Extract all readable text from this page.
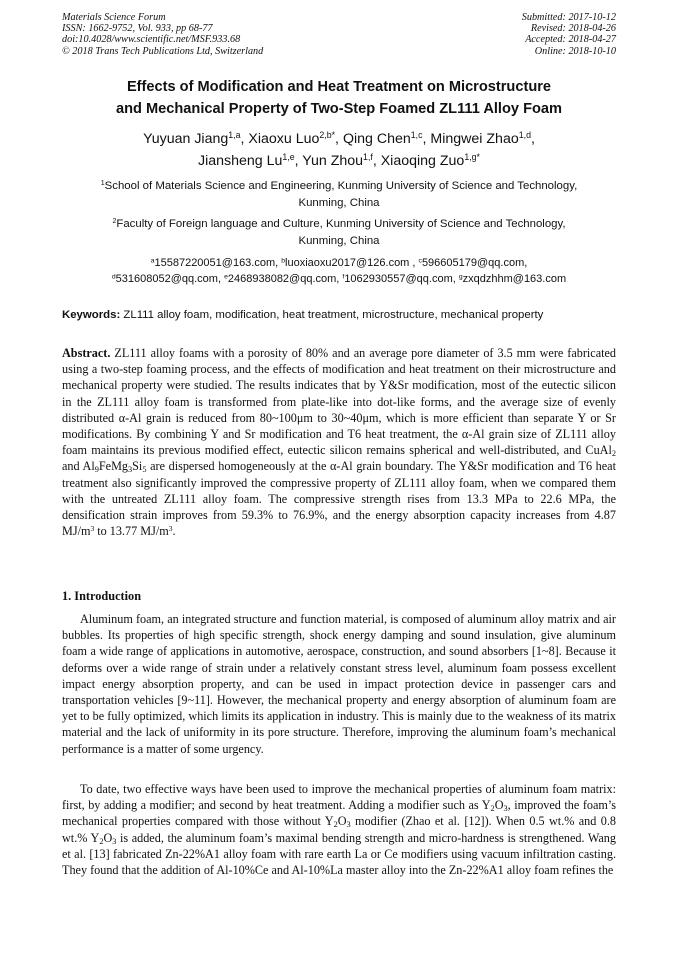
Materials Science Forum
ISSN: 1662-9752, Vol. 933, pp 68-77
doi:10.4028/www.scientific.net/MSF.933.68
© 2018 Trans Tech Publications Ltd, Switzerland
Submitted: 2017-10-12
Revised: 2018-04-26
Accepted: 2018-04-27
Online: 2018-10-10
Effects of Modification and Heat Treatment on Microstructure
and Mechanical Property of Two-Step Foamed ZL111 Alloy Foam
Yuyuan Jiang$^{1,a}$, Xiaoxu Luo$^{2,b*}$, Qing Chen$^{1,c}$, Mingwei Zhao$^{1,d}$,
Jiansheng Lu$^{1,e}$, Yun Zhou$^{1,f}$, Xiaoqing Zuo$^{1,g*}$
$^1$School of Materials Science and Engineering, Kunming University of Science and Technology,
Kunming, China
$^2$Faculty of Foreign language and Culture, Kunming University of Science and Technology,
Kunming, China
$^a$15587220051@163.com, $^b$luoxiaoxu2017@126.com , $^c$596605179@qq.com,
$^d$531608052@qq.com, $^e$2468938082@qq.com, $^f$1062930557@qq.com, $^g$zxqdzhhm@163.com
Keywords: ZL111 alloy foam, modification, heat treatment, microstructure, mechanical property
Abstract. ZL111 alloy foams with a porosity of 80% and an average pore diameter of 3.5 mm were fabricated using a two-step foaming process, and the effects of modification and heat treatment on their microstructure and mechanical property were studied. The results indicates that by Y&Sr modification, most of the eutectic silicon in the ZL111 alloy foam is transformed from plate-like into dot-like forms, and the average size of evenly distributed α-Al grain is reduced from 80~100μm to 30~40μm, which is more efficient than separate Y or Sr modifications. By combining Y and Sr modification and T6 heat treatment, the α-Al grain size of ZL111 alloy foam maintains its previous modified effect, eutectic silicon remains spherical and well-distributed, and CuAl$_2$ and $Al_9FeMg_3Si_5$ are dispersed homogeneously at the α-Al grain boundary. The Y&Sr modification and T6 heat treatment also significantly improved the compressive property of ZL111 alloy foam, when we compared them with the untreated ZL111 alloy foam. The compressive strength rises from 13.3 MPa to 22.6 MPa, the densification strain improves from 59.3% to 76.9%, and the energy absorption capacity increases from 4.87 $MJ/m^3$ to 13.77 $MJ/m^3$.
1. Introduction
Aluminum foam, an integrated structure and function material, is composed of aluminum alloy matrix and air bubbles. Its properties of high specific strength, shock energy damping and sound insulation, give aluminum foam a wide range of applications in automotive, aerospace, construction, and sound absorbers [1~8]. Because it deforms over a wide range of strain under a relatively constant stress level, aluminum foam possess excellent impact energy absorption property, and can be used in impact protection device in passenger cars and transportation vehicles [9~11]. However, the mechanical property and energy absorption of aluminum foam are yet to be fully optimized, which limits its application in industry. This is mainly due to the weakness of its matrix material and the lack of uniformity in its pore structure. Therefore, improving the aluminum foam’s mechanical performance is a matter of some urgency.
To date, two effective ways have been used to improve the mechanical properties of aluminum foam matrix: first, by adding a modifier; and second by heat treatment. Adding a modifier such as $Y_2O_3$, improved the foam’s mechanical properties compared with those without $Y_2O_3$ modifier (Zhao et al. [12]). When 0.5 wt.% and 0.8 wt.% $Y_2O_3$ is added, the aluminum foam’s maximal bending strength and micro-hardness is strengthened. Wang et al. [13] fabricated Zn-22%A1 alloy foam with rare earth La or Ce modifiers using vacuum infiltration casting. They found that the addition of Al-10%Ce and Al-10%La master alloy into the Zn-22%A1 alloy foam refines the
